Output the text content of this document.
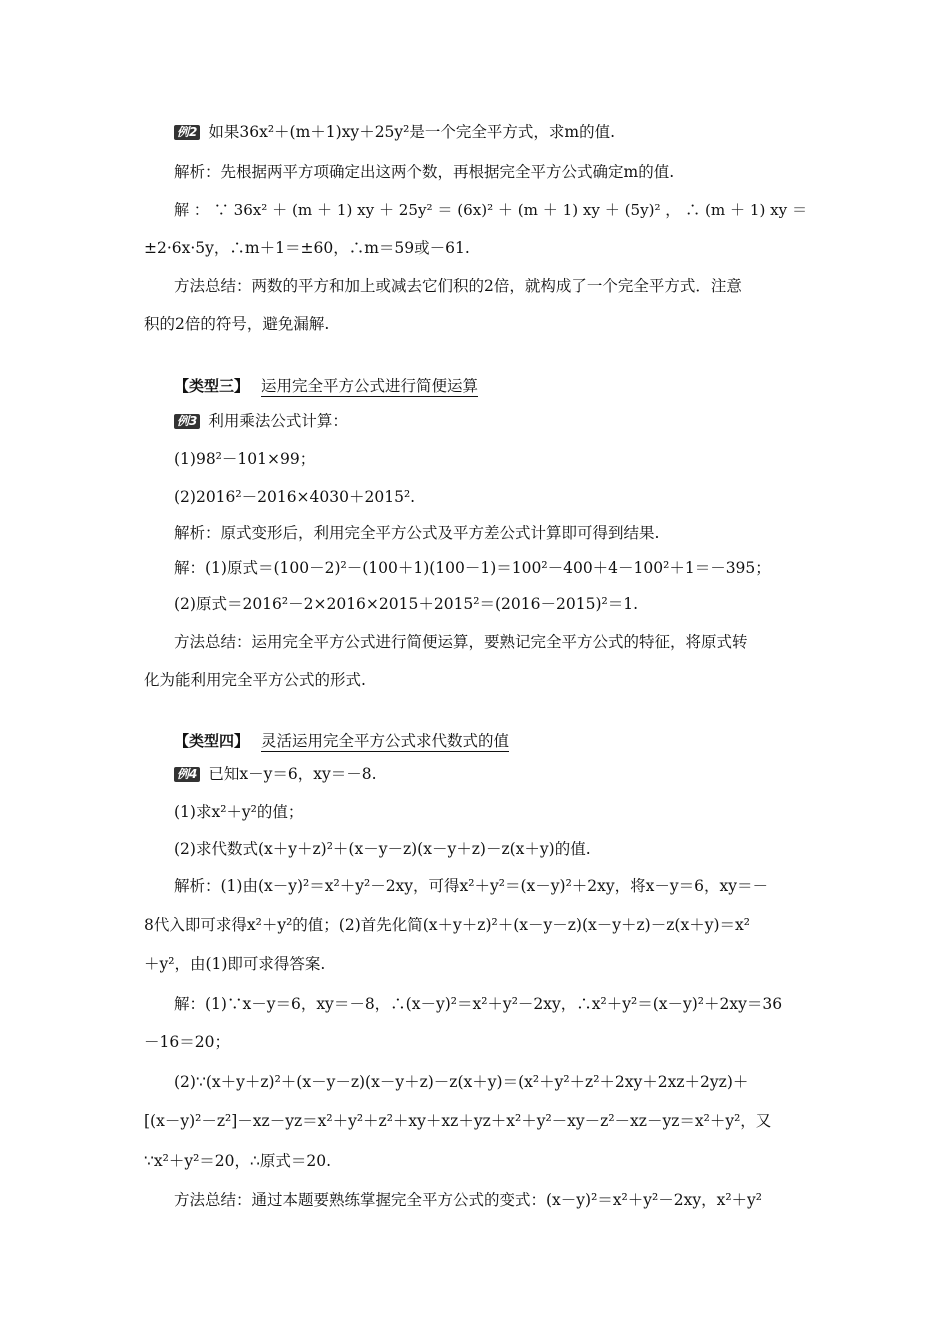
例2 如果36x²＋(m＋1)xy＋25y²是一个完全平方式，求m的值.
解析：先根据两平方项确定出这两个数，再根据完全平方公式确定m的值.
解 ： ∵ 36x² ＋ (m ＋ 1) xy ＋ 25y² ＝ (6x)² ＋ (m ＋ 1) xy ＋ (5y)² ， ∴ (m ＋ 1) xy ＝
±2·6x·5y，∴m＋1＝±60，∴m＝59或－61.
方法总结：两数的平方和加上或减去它们积的2倍，就构成了一个完全平方式．注意
积的2倍的符号，避免漏解.
【类型三】 运用完全平方公式进行简便运算
例3 利用乘法公式计算：
(1)98²－101×99；
(2)2016²－2016×4030＋2015².
解析：原式变形后，利用完全平方公式及平方差公式计算即可得到结果.
解：(1)原式＝(100－2)²－(100＋1)(100－1)＝100²－400＋4－100²＋1＝－395；
(2)原式＝2016²－2×2016×2015＋2015²＝(2016－2015)²＝1.
方法总结：运用完全平方公式进行简便运算，要熟记完全平方公式的特征，将原式转
化为能利用完全平方公式的形式.
【类型四】 灵活运用完全平方公式求代数式的值
例4 已知x－y＝6，xy＝－8.
(1)求x²＋y²的值；
(2)求代数式(x＋y＋z)²＋(x－y－z)(x－y＋z)－z(x＋y)的值.
解析：(1)由(x－y)²＝x²＋y²－2xy，可得x²＋y²＝(x－y)²＋2xy，将x－y＝6，xy＝－
8代入即可求得x²＋y²的值；(2)首先化简(x＋y＋z)²＋(x－y－z)(x－y＋z)－z(x＋y)＝x²
＋y²，由(1)即可求得答案.
解：(1)∵x－y＝6，xy＝－8，∴(x－y)²＝x²＋y²－2xy，∴x²＋y²＝(x－y)²＋2xy＝36
－16＝20；
(2)∵(x＋y＋z)²＋(x－y－z)(x－y＋z)－z(x＋y)＝(x²＋y²＋z²＋2xy＋2xz＋2yz)＋
[(x－y)²－z²]－xz－yz＝x²＋y²＋z²＋xy＋xz＋yz＋x²＋y²－xy－z²－xz－yz＝x²＋y²，又
∵x²＋y²＝20，∴原式＝20.
方法总结：通过本题要熟练掌握完全平方公式的变式：(x－y)²＝x²＋y²－2xy，x²＋y²
